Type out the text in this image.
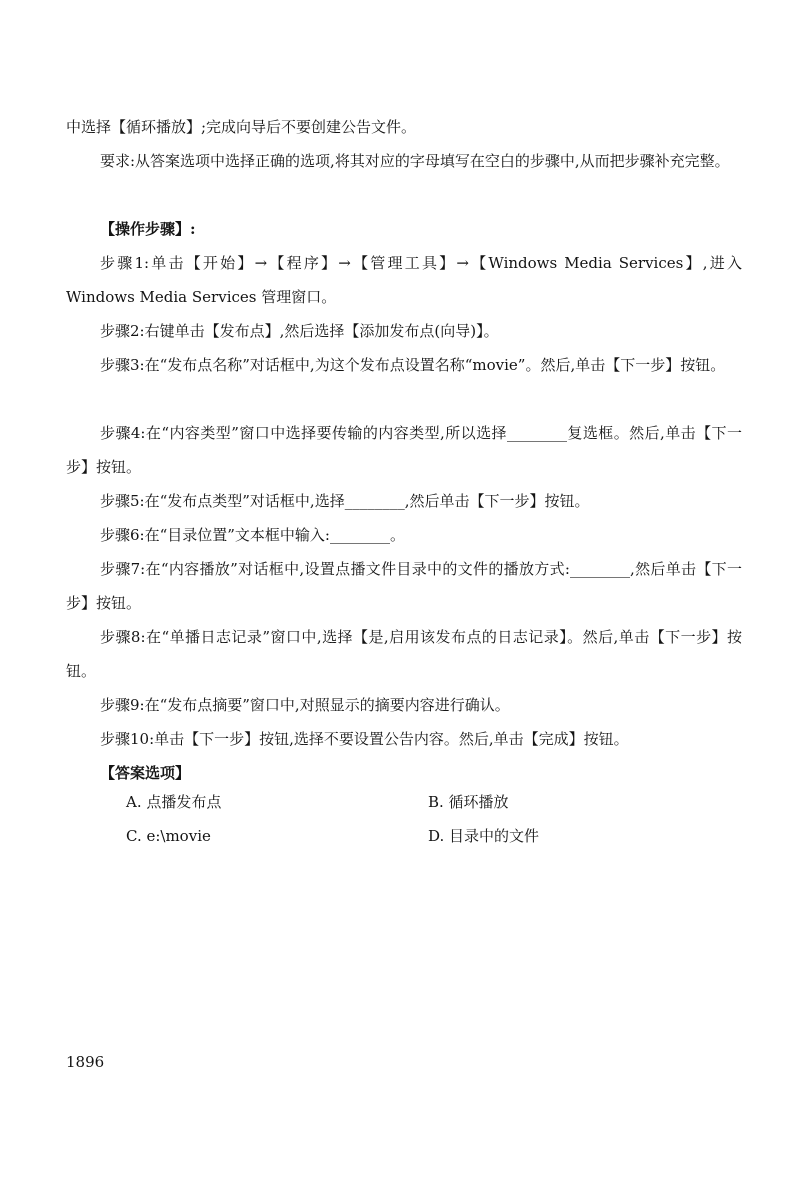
中选择【循环播放】;完成向导后不要创建公告文件。

要求:从答案选项中选择正确的选项,将其对应的字母填写在空白的步骤中,从而把步骤补充完整。

【操作步骤】:

步骤1:单击【开始】→【程序】→【管理工具】→【Windows Media Services】,进入 Windows Media Services 管理窗口。

步骤2:右键单击【发布点】,然后选择【添加发布点(向导)】。

步骤3:在“发布点名称”对话框中,为这个发布点设置名称“movie”。然后,单击【下一步】按钮。

步骤4:在“内容类型”窗口中选择要传输的内容类型,所以选择________复选框。然后,单击【下一步】按钮。

步骤5:在“发布点类型”对话框中,选择________,然后单击【下一步】按钮。

步骤6:在“目录位置”文本框中输入:________。

步骤7:在“内容播放”对话框中,设置点播文件目录中的文件的播放方式:________,然后单击【下一步】按钮。

步骤8:在“单播日志记录”窗口中,选择【是,启用该发布点的日志记录】。然后,单击【下一步】按钮。

步骤9:在“发布点摘要”窗口中,对照显示的摘要内容进行确认。

步骤10:单击【下一步】按钮,选择不要设置公告内容。然后,单击【完成】按钮。

【答案选项】

A. 点播发布点	B. 循环播放
C. e:\movie	D. 目录中的文件
1896
